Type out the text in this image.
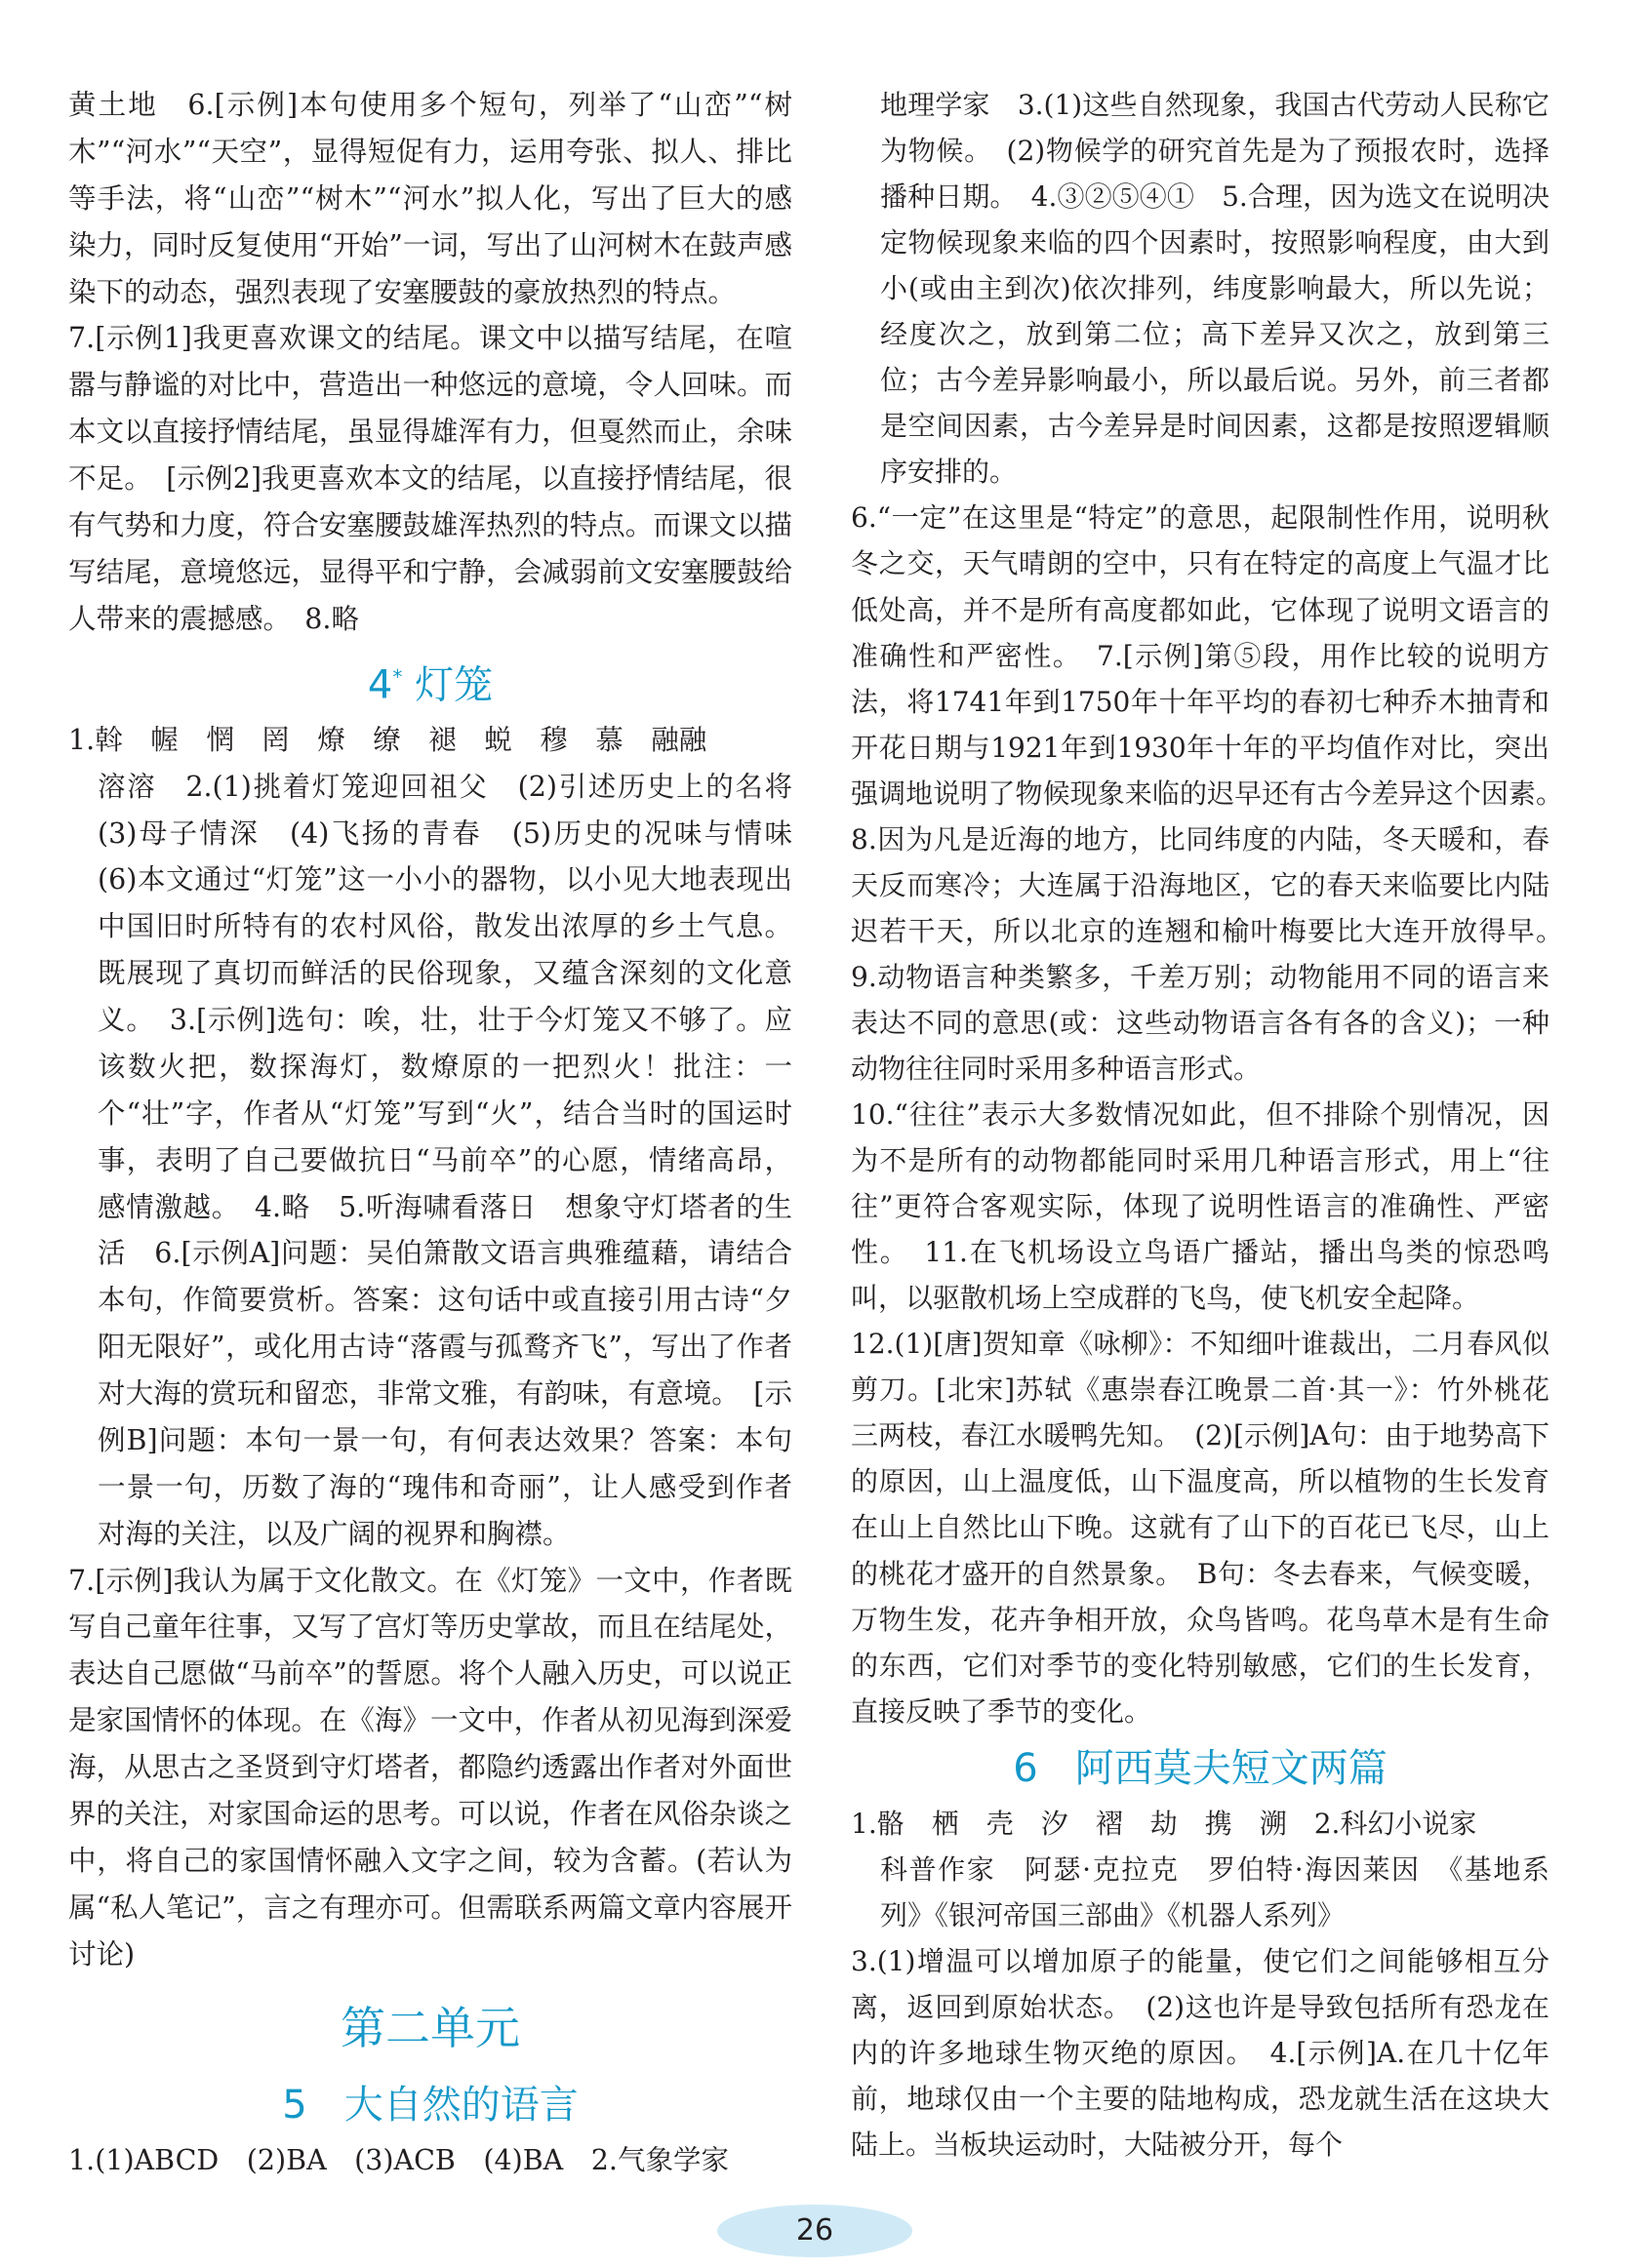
黄土地　6.[示例]本句使用多个短句，列举了“山峦”“树木”“河水”“天空”，显得短促有力，运用夸张、拟人、排比等手法，将“山峦”“树木”“河水”拟人化，写出了巨大的感染力，同时反复使用“开始”一词，写出了山河树木在鼓声感染下的动态，强烈表现了安塞腰鼓的豪放热烈的特点。

7.[示例1]我更喜欢课文的结尾。课文中以描写结尾，在喧嚣与静谧的对比中，营造出一种悠远的意境，令人回味。而本文以直接抒情结尾，虽显得雄浑有力，但戛然而止，余味不足。　[示例2]我更喜欢本文的结尾，以直接抒情结尾，很有气势和力度，符合安塞腰鼓雄浑热烈的特点。而课文以描写结尾，意境悠远，显得平和宁静，会减弱前文安塞腰鼓给人带来的震撼感。　8.略

4* 灯笼

1.斡　幄　惘　罔　燎　缭　褪　蜕　穆　慕　融融

溶溶　2.(1)挑着灯笼迎回祖父　(2)引述历史上的名将　(3)母子情深　(4)飞扬的青春　(5)历史的况味与情味　(6)本文通过“灯笼”这一小小的器物，以小见大地表现出中国旧时所特有的农村风俗，散发出浓厚的乡土气息。既展现了真切而鲜活的民俗现象，又蕴含深刻的文化意义。　3.[示例]选句：唉，壮，壮于今灯笼又不够了。应该数火把，数探海灯，数燎原的一把烈火！批注：一个“壮”字，作者从“灯笼”写到“火”，结合当时的国运时事，表明了自己要做抗日“马前卒”的心愿，情绪高昂，感情激越。　4.略　5.听海啸看落日　想象守灯塔者的生活　6.[示例A]问题：吴伯箫散文语言典雅蕴藉，请结合本句，作简要赏析。答案：这句话中或直接引用古诗“夕阳无限好”，或化用古诗“落霞与孤鹜齐飞”，写出了作者对大海的赏玩和留恋，非常文雅，有韵味，有意境。　[示例B]问题：本句一景一句，有何表达效果？答案：本句一景一句，历数了海的“瑰伟和奇丽”，让人感受到作者对海的关注，以及广阔的视界和胸襟。

7.[示例]我认为属于文化散文。在《灯笼》一文中，作者既写自己童年往事，又写了宫灯等历史掌故，而且在结尾处，表达自己愿做“马前卒”的誓愿。将个人融入历史，可以说正是家国情怀的体现。在《海》一文中，作者从初见海到深爱海，从思古之圣贤到守灯塔者，都隐约透露出作者对外面世界的关注，对家国命运的思考。可以说，作者在风俗杂谈之中，将自己的家国情怀融入文字之间，较为含蓄。(若认为属“私人笔记”，言之有理亦可。但需联系两篇文章内容展开讨论)

第二单元
5 大自然的语言

1.(1)ABCD　(2)BA　(3)ACB　(4)BA　2.气象学家

地理学家　3.(1)这些自然现象，我国古代劳动人民称它为物候。　(2)物候学的研究首先是为了预报农时，选择播种日期。　4.③②⑤④①　5.合理，因为选文在说明决定物候现象来临的四个因素时，按照影响程度，由大到小(或由主到次)依次排列，纬度影响最大，所以先说；经度次之，放到第二位；高下差异又次之，放到第三位；古今差异影响最小，所以最后说。另外，前三者都是空间因素，古今差异是时间因素，这都是按照逻辑顺序安排的。

6.“一定”在这里是“特定”的意思，起限制性作用，说明秋冬之交，天气晴朗的空中，只有在特定的高度上气温才比低处高，并不是所有高度都如此，它体现了说明文语言的准确性和严密性。　7.[示例]第⑤段，用作比较的说明方法，将1741年到1750年十年平均的春初七种乔木抽青和开花日期与1921年到1930年十年的平均值作对比，突出强调地说明了物候现象来临的迟早还有古今差异这个因素。　8.因为凡是近海的地方，比同纬度的内陆，冬天暖和，春天反而寒冷；大连属于沿海地区，它的春天来临要比内陆迟若干天，所以北京的连翘和榆叶梅要比大连开放得早。　9.动物语言种类繁多，千差万别；动物能用不同的语言来表达不同的意思(或：这些动物语言各有各的含义)；一种动物往往同时采用多种语言形式。

10.“往往”表示大多数情况如此，但不排除个别情况，因为不是所有的动物都能同时采用几种语言形式，用上“往往”更符合客观实际，体现了说明性语言的准确性、严密性。　11.在飞机场设立鸟语广播站，播出鸟类的惊恐鸣叫，以驱散机场上空成群的飞鸟，使飞机安全起降。

12.(1)[唐]贺知章《咏柳》：不知细叶谁裁出，二月春风似剪刀。[北宋]苏轼《惠崇春江晚景二首·其一》：竹外桃花三两枝，春江水暖鸭先知。　(2)[示例]A句：由于地势高下的原因，山上温度低，山下温度高，所以植物的生长发育在山上自然比山下晚。这就有了山下的百花已飞尽，山上的桃花才盛开的自然景象。　B句：冬去春来，气候变暖，万物生发，花卉争相开放，众鸟皆鸣。花鸟草木是有生命的东西，它们对季节的变化特别敏感，它们的生长发育，直接反映了季节的变化。

6 阿西莫夫短文两篇

1.骼　栖　壳　汐　褶　劫　携　溯　2.科幻小说家

科普作家　阿瑟·克拉克　罗伯特·海因莱因　《基地系列》《银河帝国三部曲》《机器人系列》

3.(1)增温可以增加原子的能量，使它们之间能够相互分离，返回到原始状态。　(2)这也许是导致包括所有恐龙在内的许多地球生物灭绝的原因。　4.[示例]A.在几十亿年前，地球仅由一个主要的陆地构成，恐龙就生活在这块大陆上。当板块运动时，大陆被分开，每个

26
